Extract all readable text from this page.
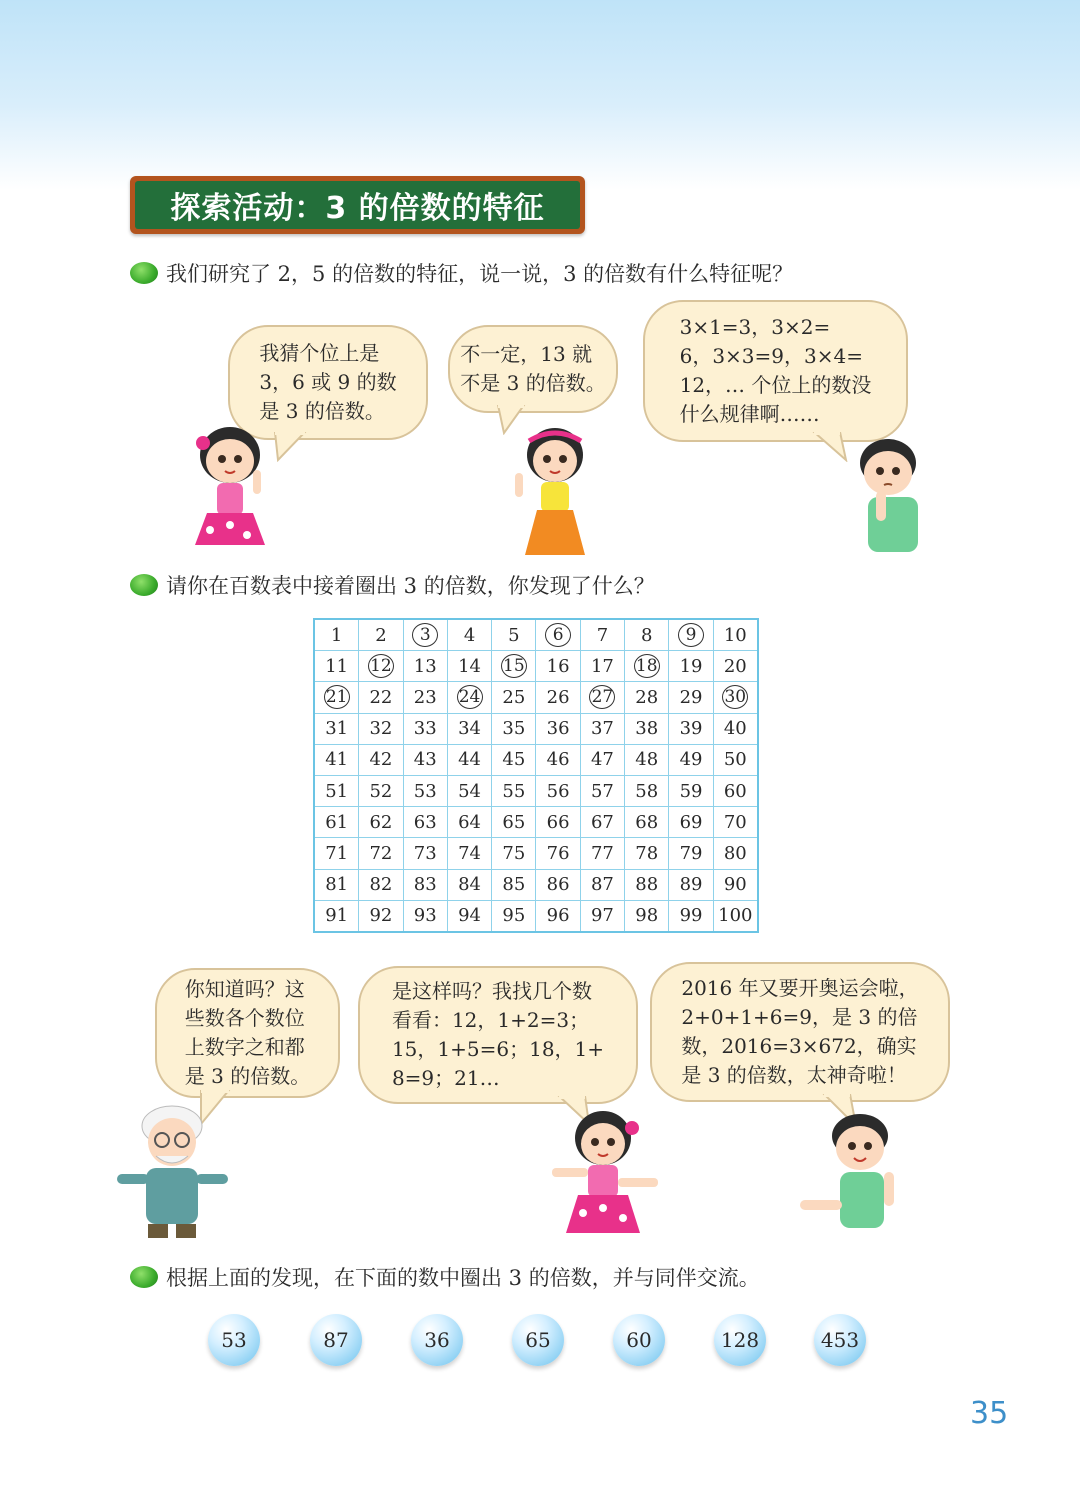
探索活动：3 的倍数的特征
我们研究了 2，5 的倍数的特征，说一说，3 的倍数有什么特征呢？
我猜个位上是
3，6 或 9 的数
是 3 的倍数。
不一定，13 就
不是 3 的倍数。
3×1=3，3×2=
6，3×3=9，3×4=
12，… 个位上的数没
什么规律啊……
请你在百数表中接着圈出 3 的倍数，你发现了什么？
1	2	3	4	5	6	7	8	9	10
11	12	13	14	15	16	17	18	19	20
21	22	23	24	25	26	27	28	29	30
31	32	33	34	35	36	37	38	39	40
41	42	43	44	45	46	47	48	49	50
51	52	53	54	55	56	57	58	59	60
61	62	63	64	65	66	67	68	69	70
71	72	73	74	75	76	77	78	79	80
81	82	83	84	85	86	87	88	89	90
91	92	93	94	95	96	97	98	99	100
你知道吗？这
些数各个数位
上数字之和都
是 3 的倍数。
是这样吗？我找几个数
看看：12，1+2=3；
15，1+5=6；18，1+
8=9；21…
2016 年又要开奥运会啦，
2+0+1+6=9，是 3 的倍
数，2016=3×672，确实
是 3 的倍数，太神奇啦！
根据上面的发现，在下面的数中圈出 3 的倍数，并与同伴交流。
53	87	36	65	60	128	453
35
